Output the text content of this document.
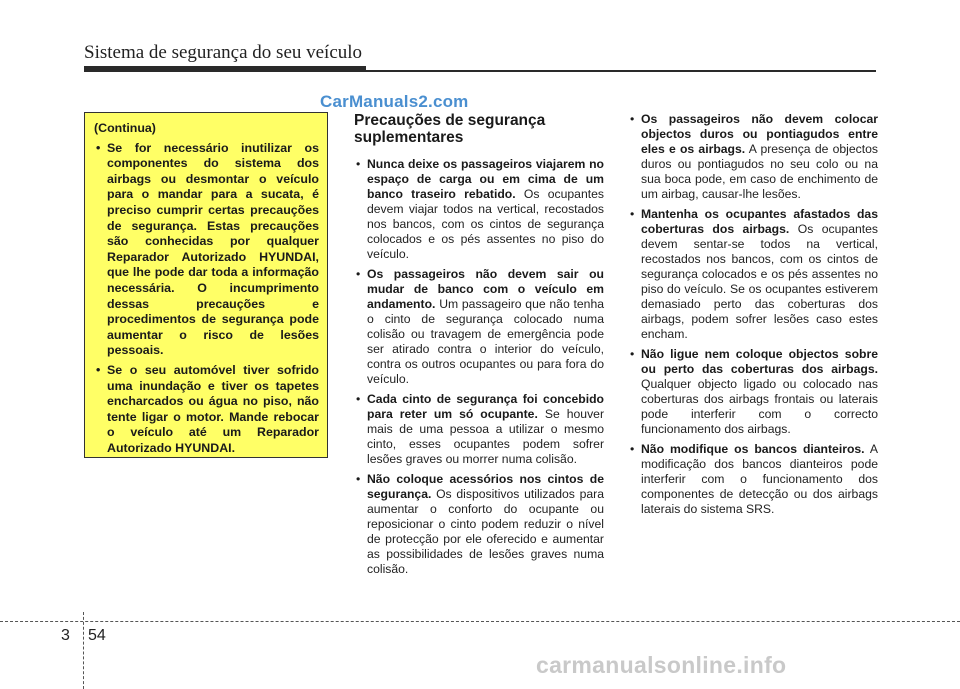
Sistema de segurança do seu veículo
CarManuals2.com
(Continua)
• Se for necessário inutilizar os componentes do sistema dos airbags ou desmontar o veículo para o mandar para a sucata, é preciso cumprir certas precauções de segurança. Estas precauções são conhecidas por qualquer Reparador Autorizado HYUNDAI, que lhe pode dar toda a informação necessária. O incumprimento dessas precauções e procedimentos de segurança pode aumentar o risco de lesões pessoais.
• Se o seu automóvel tiver sofrido uma inundação e tiver os tapetes encharcados ou água no piso, não tente ligar o motor. Mande rebocar o veículo até um Reparador Autorizado HYUNDAI.
Precauções de segurança suplementares
• Nunca deixe os passageiros viajarem no espaço de carga ou em cima de um banco traseiro rebatido. Os ocupantes devem viajar todos na vertical, recostados nos bancos, com os cintos de segurança colocados e os pés assentes no piso do veículo.
• Os passageiros não devem sair ou mudar de banco com o veículo em andamento. Um passageiro que não tenha o cinto de segurança colocado numa colisão ou travagem de emergência pode ser atirado contra o interior do veículo, contra os outros ocupantes ou para fora do veículo.
• Cada cinto de segurança foi concebido para reter um só ocupante. Se houver mais de uma pessoa a utilizar o mesmo cinto, esses ocupantes podem sofrer lesões graves ou morrer numa colisão.
• Não coloque acessórios nos cintos de segurança. Os dispositivos utilizados para aumentar o conforto do ocupante ou reposicionar o cinto podem reduzir o nível de protecção por ele oferecido e aumentar as possibilidades de lesões graves numa colisão.
• Os passageiros não devem colocar objectos duros ou pontiagudos entre eles e os airbags. A presença de objectos duros ou pontiagudos no seu colo ou na sua boca pode, em caso de enchimento de um airbag, causar-lhe lesões.
• Mantenha os ocupantes afastados das coberturas dos airbags. Os ocupantes devem sentar-se todos na vertical, recostados nos bancos, com os cintos de segurança colocados e os pés assentes no piso do veículo. Se os ocupantes estiverem demasiado perto das coberturas dos airbags, podem sofrer lesões caso estes encham.
• Não ligue nem coloque objectos sobre ou perto das coberturas dos airbags. Qualquer objecto ligado ou colocado nas coberturas dos airbags frontais ou laterais pode interferir com o correcto funcionamento dos airbags.
• Não modifique os bancos dianteiros. A modificação dos bancos dianteiros pode interferir com o funcionamento dos componentes de detecção ou dos airbags laterais do sistema SRS.
3 54
carmanualsonline.info
